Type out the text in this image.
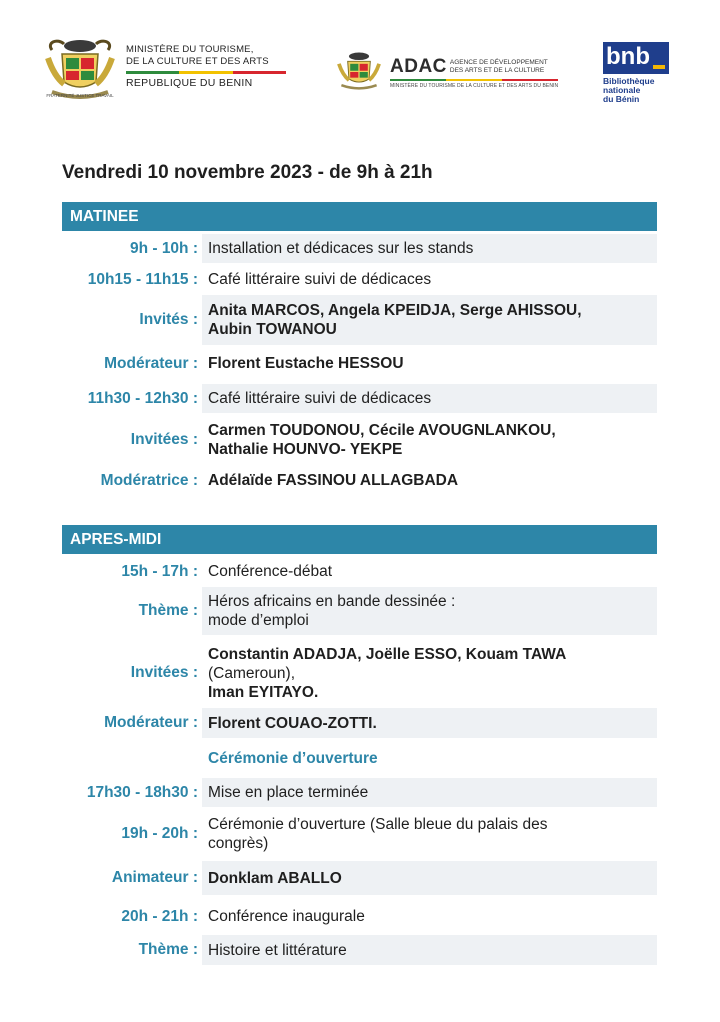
FRATERNITÉ JUSTICE TRAVAIL
MINISTÈRE DU TOURISME,
DE LA CULTURE ET DES ARTS
REPUBLIQUE DU BENIN
ADAC AGENCE DE DÉVELOPPEMENT DES ARTS ET DE LA CULTURE
MINISTÈRE DU TOURISME DE LA CULTURE ET DES ARTS DU BENIN
bnb
Bibliothèque
nationale
du Bénin
Vendredi 10 novembre 2023 - de 9h à 21h
MATINEE
9h - 10h : Installation et dédicaces sur les stands
10h15 - 11h15 : Café littéraire suivi de dédicaces
Invités :
Anita MARCOS, Angela KPEIDJA, Serge AHISSOU,
Aubin TOWANOU
Modérateur : Florent Eustache HESSOU
11h30 - 12h30 : Café littéraire suivi de dédicaces
Invitées :
Carmen TOUDONOU, Cécile AVOUGNLANKOU,
Nathalie HOUNVO- YEKPE
Modératrice : Adélaïde FASSINOU ALLAGBADA
APRES-MIDI
15h - 17h : Conférence-débat
Thème :
Héros africains en bande dessinée :
mode d’emploi
Invitées :
Constantin ADADJA, Joëlle ESSO, Kouam TAWA
(Cameroun),
Iman EYITAYO.
Modérateur : Florent COUAO-ZOTTI.
Cérémonie d’ouverture
17h30 - 18h30 : Mise en place terminée
19h - 20h :
Cérémonie d’ouverture (Salle bleue du palais des
congrès)
Animateur : Donklam ABALLO
20h - 21h : Conférence inaugurale
Thème : Histoire et littérature
